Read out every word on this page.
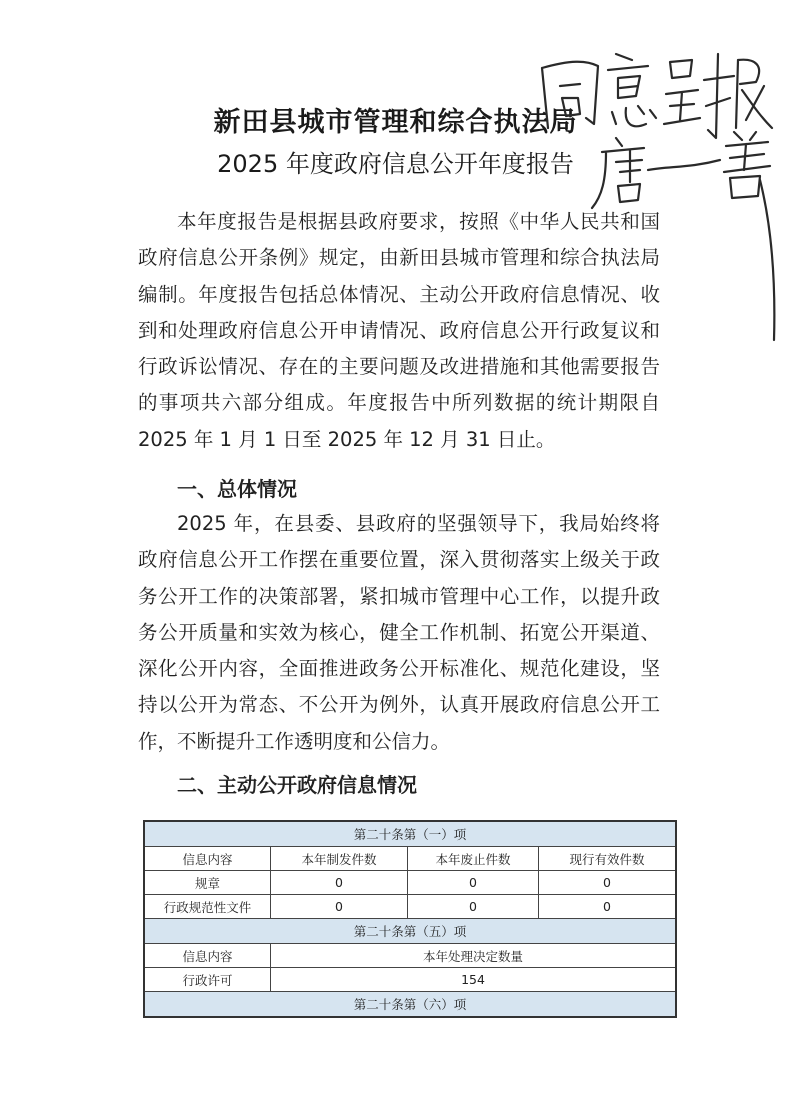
新田县城市管理和综合执法局
2025 年度政府信息公开年度报告

本年度报告是根据县政府要求，按照《中华人民共和国政府信息公开条例》规定，由新田县城市管理和综合执法局编制。年度报告包括总体情况、主动公开政府信息情况、收到和处理政府信息公开申请情况、政府信息公开行政复议和行政诉讼情况、存在的主要问题及改进措施和其他需要报告的事项共六部分组成。年度报告中所列数据的统计期限自 2025 年 1 月 1 日至 2025 年 12 月 31 日止。

一、总体情况

2025 年，在县委、县政府的坚强领导下，我局始终将政府信息公开工作摆在重要位置，深入贯彻落实上级关于政务公开工作的决策部署，紧扣城市管理中心工作，以提升政务公开质量和实效为核心，健全工作机制、拓宽公开渠道、深化公开内容，全面推进政务公开标准化、规范化建设，坚持以公开为常态、不公开为例外，认真开展政府信息公开工作，不断提升工作透明度和公信力。

二、主动公开政府信息情况
第二十条第（一）项			
信息内容	本年制发件数	本年废止件数	现行有效件数
规章	0	0	0
行政规范性文件	0	0	0
第二十条第（五）项			
信息内容	本年处理决定数量		
行政许可	154		
第二十条第（六）项			
